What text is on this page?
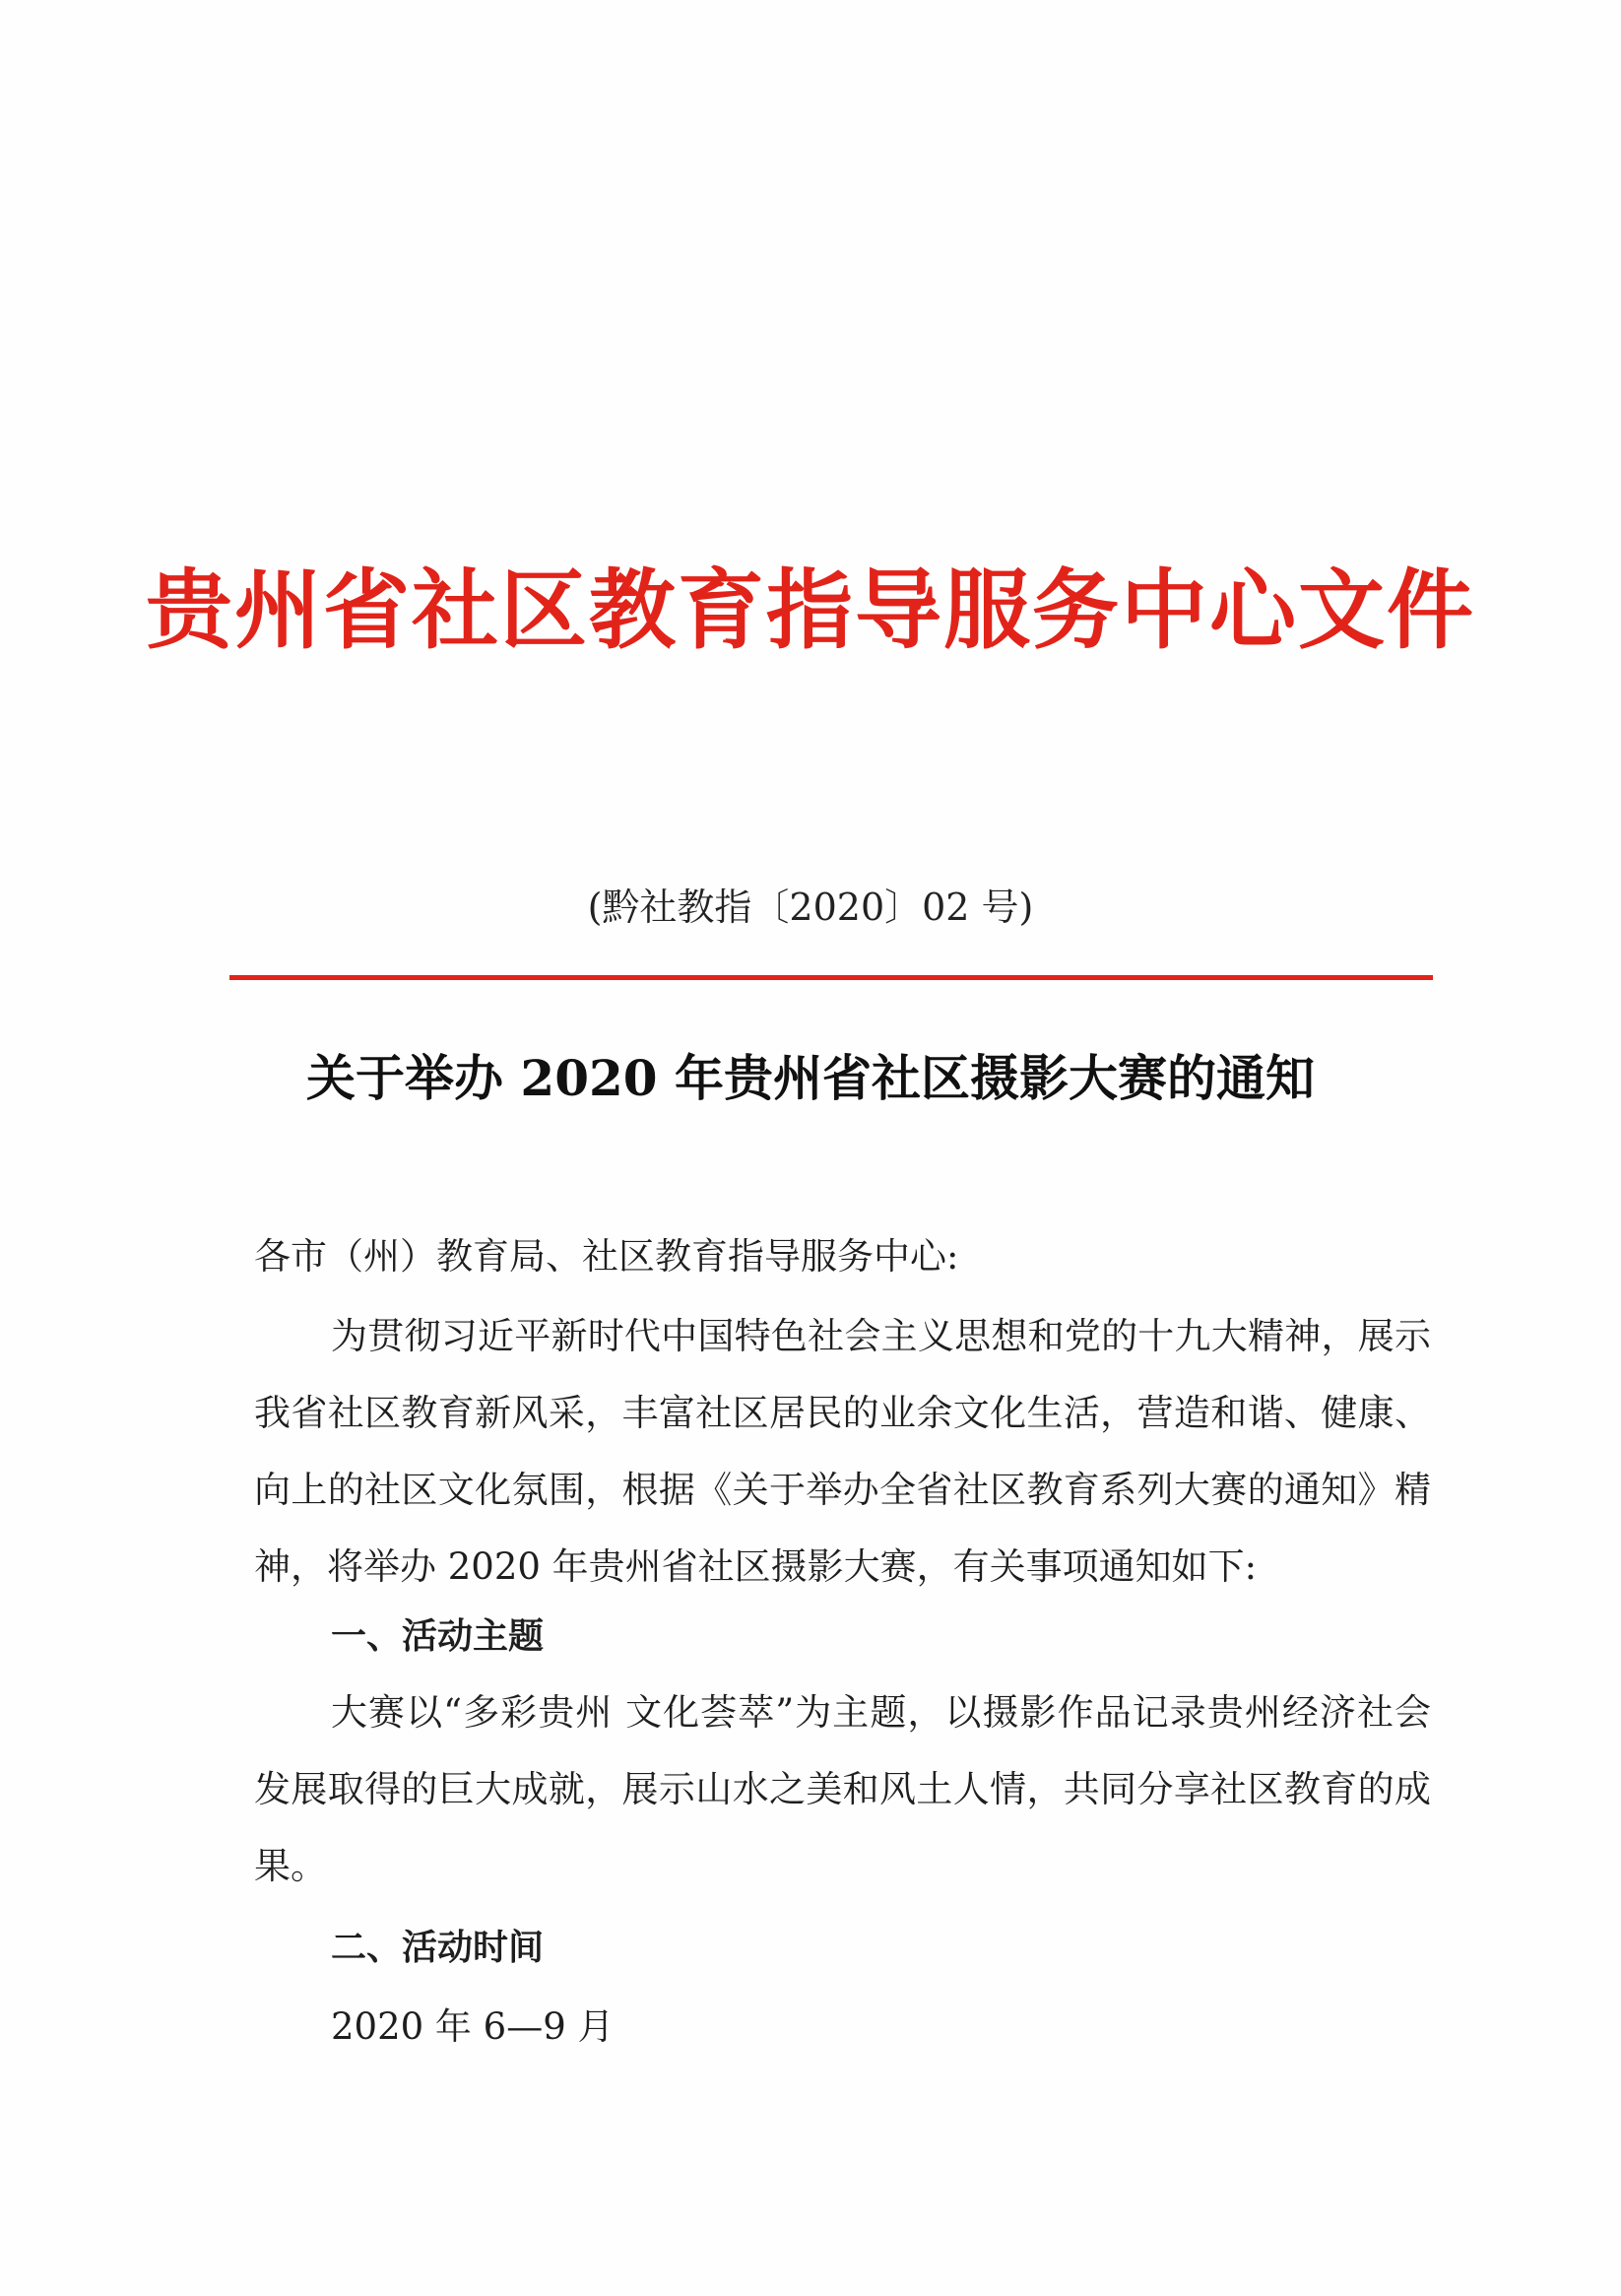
贵州省社区教育指导服务中心文件
(黔社教指〔2020〕02 号)
关于举办 2020 年贵州省社区摄影大赛的通知
各市（州）教育局、社区教育指导服务中心:
为贯彻习近平新时代中国特色社会主义思想和党的十九大精神，展示我省社区教育新风采，丰富社区居民的业余文化生活，营造和谐、健康、向上的社区文化氛围，根据《关于举办全省社区教育系列大赛的通知》精神，将举办 2020 年贵州省社区摄影大赛，有关事项通知如下:
一、活动主题
大赛以“多彩贵州 文化荟萃”为主题，以摄影作品记录贵州经济社会发展取得的巨大成就，展示山水之美和风土人情，共同分享社区教育的成果。
二、活动时间
2020 年 6—9 月
